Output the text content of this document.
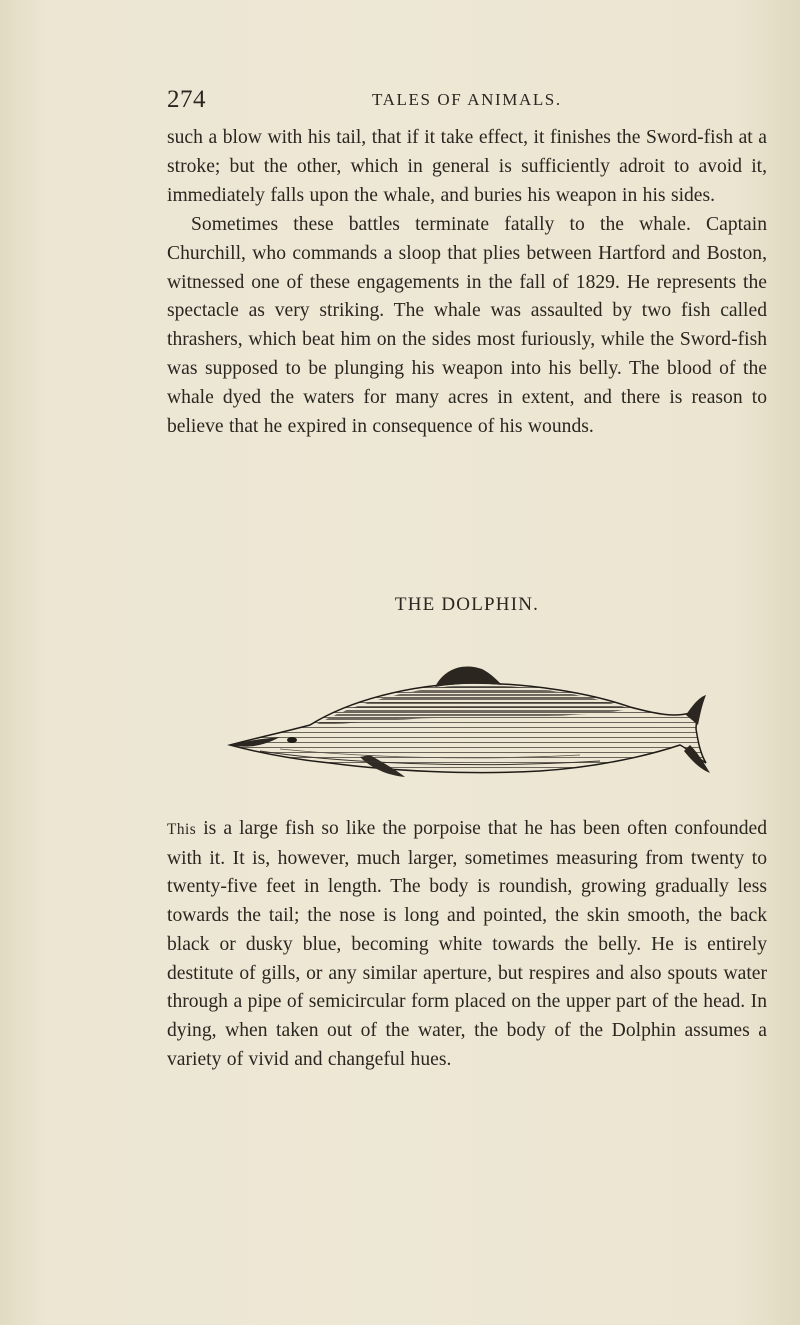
274	TALES OF ANIMALS.

such a blow with his tail, that if it take effect, it finishes the Sword-fish at a stroke; but the other, which in general is sufficiently adroit to avoid it, immediately falls upon the whale, and buries his weapon in his sides.

Sometimes these battles terminate fatally to the whale. Captain Churchill, who commands a sloop that plies between Hartford and Boston, witnessed one of these engagements in the fall of 1829. He represents the spectacle as very striking. The whale was assaulted by two fish called thrashers, which beat him on the sides most furiously, while the Sword-fish was supposed to be plunging his weapon into his belly. The blood of the whale dyed the waters for many acres in extent, and there is reason to believe that he expired in consequence of his wounds.

THE DOLPHIN.

This is a large fish so like the porpoise that he has been often confounded with it. It is, however, much larger, sometimes measuring from twenty to twenty-five feet in length. The body is roundish, growing gradually less towards the tail; the nose is long and pointed, the skin smooth, the back black or dusky blue, becoming white towards the belly. He is entirely destitute of gills, or any similar aperture, but respires and also spouts water through a pipe of semicircular form placed on the upper part of the head. In dying, when taken out of the water, the body of the Dolphin assumes a variety of vivid and changeful hues.
